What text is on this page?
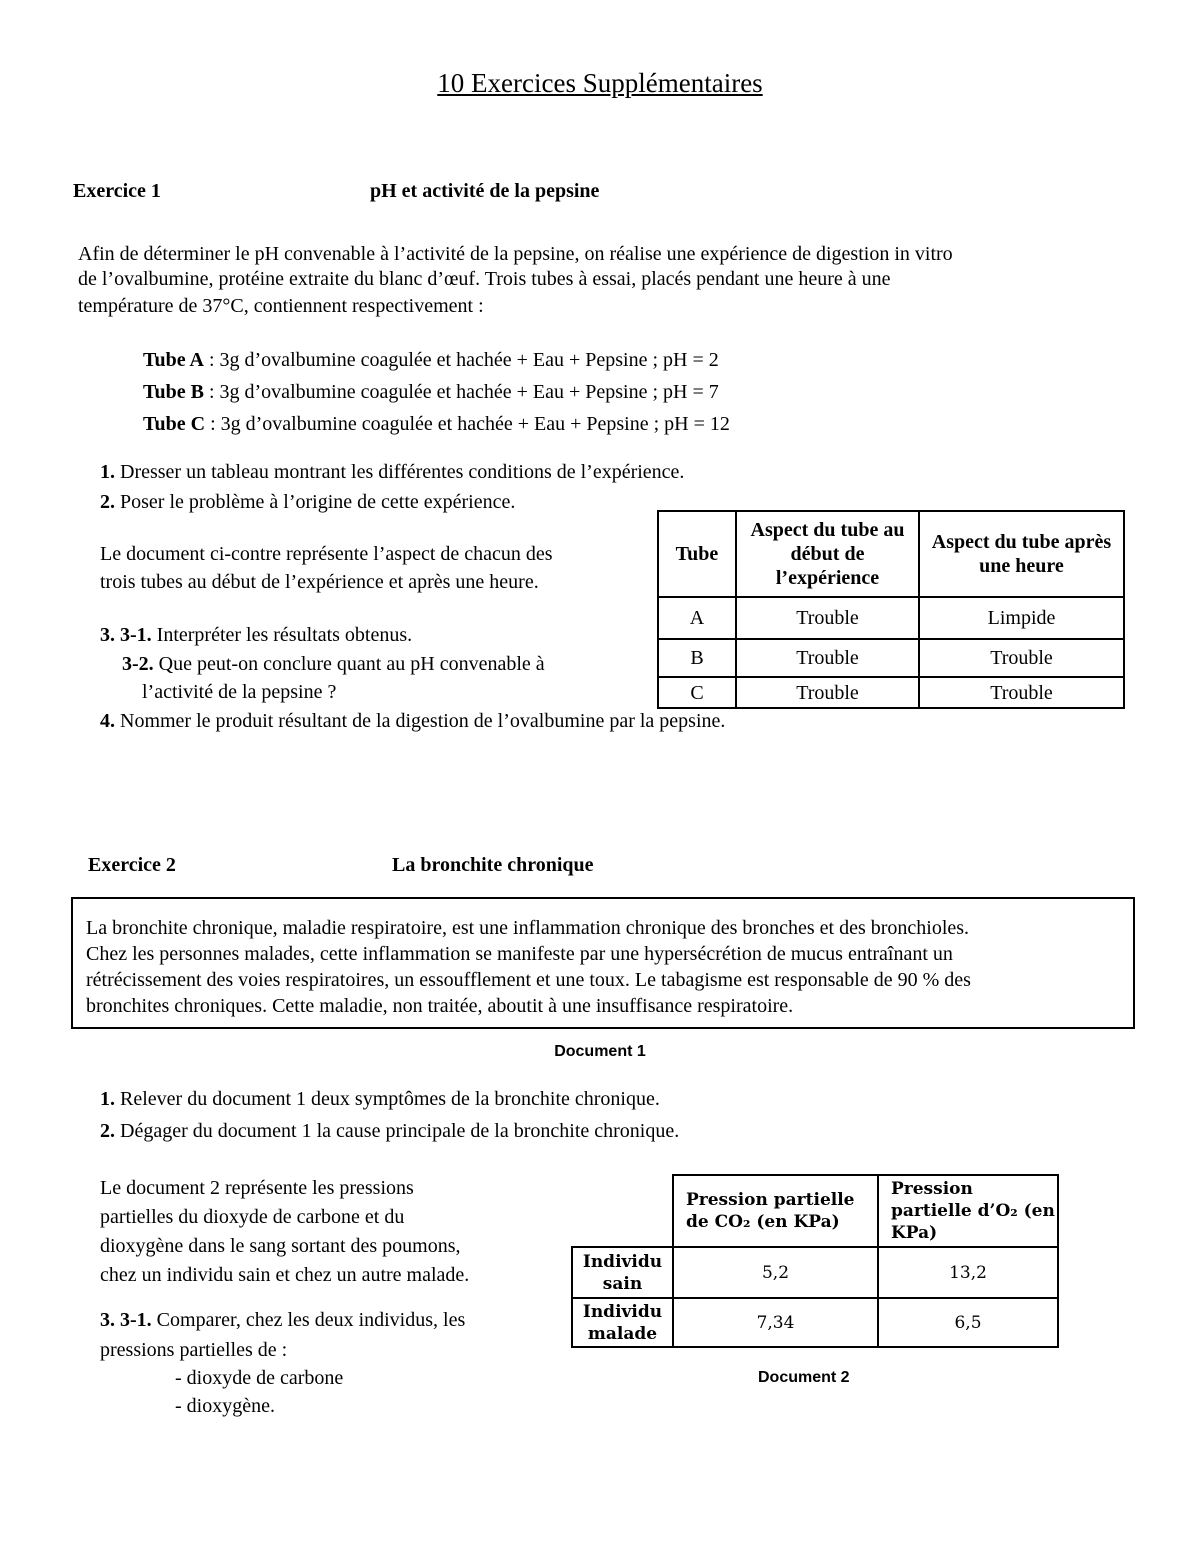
10 Exercices Supplémentaires
Exercice 1	pH et activité de la pepsine
Afin de déterminer le pH convenable à l’activité de la pepsine, on réalise une expérience de digestion in vitro
de l’ovalbumine, protéine extraite du blanc d’œuf. Trois tubes à essai, placés pendant une heure à une
température de 37°C, contiennent respectivement :
Tube A : 3g d’ovalbumine coagulée et hachée + Eau + Pepsine ; pH = 2
Tube B : 3g d’ovalbumine coagulée et hachée + Eau + Pepsine ; pH = 7
Tube C : 3g d’ovalbumine coagulée et hachée + Eau + Pepsine ; pH = 12
1. Dresser un tableau montrant les différentes conditions de l’expérience.
2. Poser le problème à l’origine de cette expérience.
Le document ci-contre représente l’aspect de chacun des
trois tubes au début de l’expérience et après une heure.
3. 3-1. Interpréter les résultats obtenus.
3-2. Que peut-on conclure quant au pH convenable à
l’activité de la pepsine ?
4. Nommer le produit résultant de la digestion de l’ovalbumine par la pepsine.
Tube	Aspect du tube au début de l’expérience	Aspect du tube après une heure
A	Trouble	Limpide
B	Trouble	Trouble
C	Trouble	Trouble
Exercice 2	La bronchite chronique
La bronchite chronique, maladie respiratoire, est une inflammation chronique des bronches et des bronchioles.
Chez les personnes malades, cette inflammation se manifeste par une hypersécrétion de mucus entraînant un
rétrécissement des voies respiratoires, un essoufflement et une toux. Le tabagisme est responsable de 90 % des
bronchites chroniques. Cette maladie, non traitée, aboutit à une insuffisance respiratoire.
Document 1
1. Relever du document 1 deux symptômes de la bronchite chronique.
2. Dégager du document 1 la cause principale de la bronchite chronique.
Le document 2 représente les pressions
partielles du dioxyde de carbone et du
dioxygène dans le sang sortant des poumons,
chez un individu sain et chez un autre malade.
3. 3-1. Comparer, chez les deux individus, les
pressions partielles de :
- dioxyde de carbone
- dioxygène.
	Pression partielle de CO₂ (en KPa)	Pression partielle d’O₂ (en KPa)
Individu sain	5,2	13,2
Individu malade	7,34	6,5
Document 2
